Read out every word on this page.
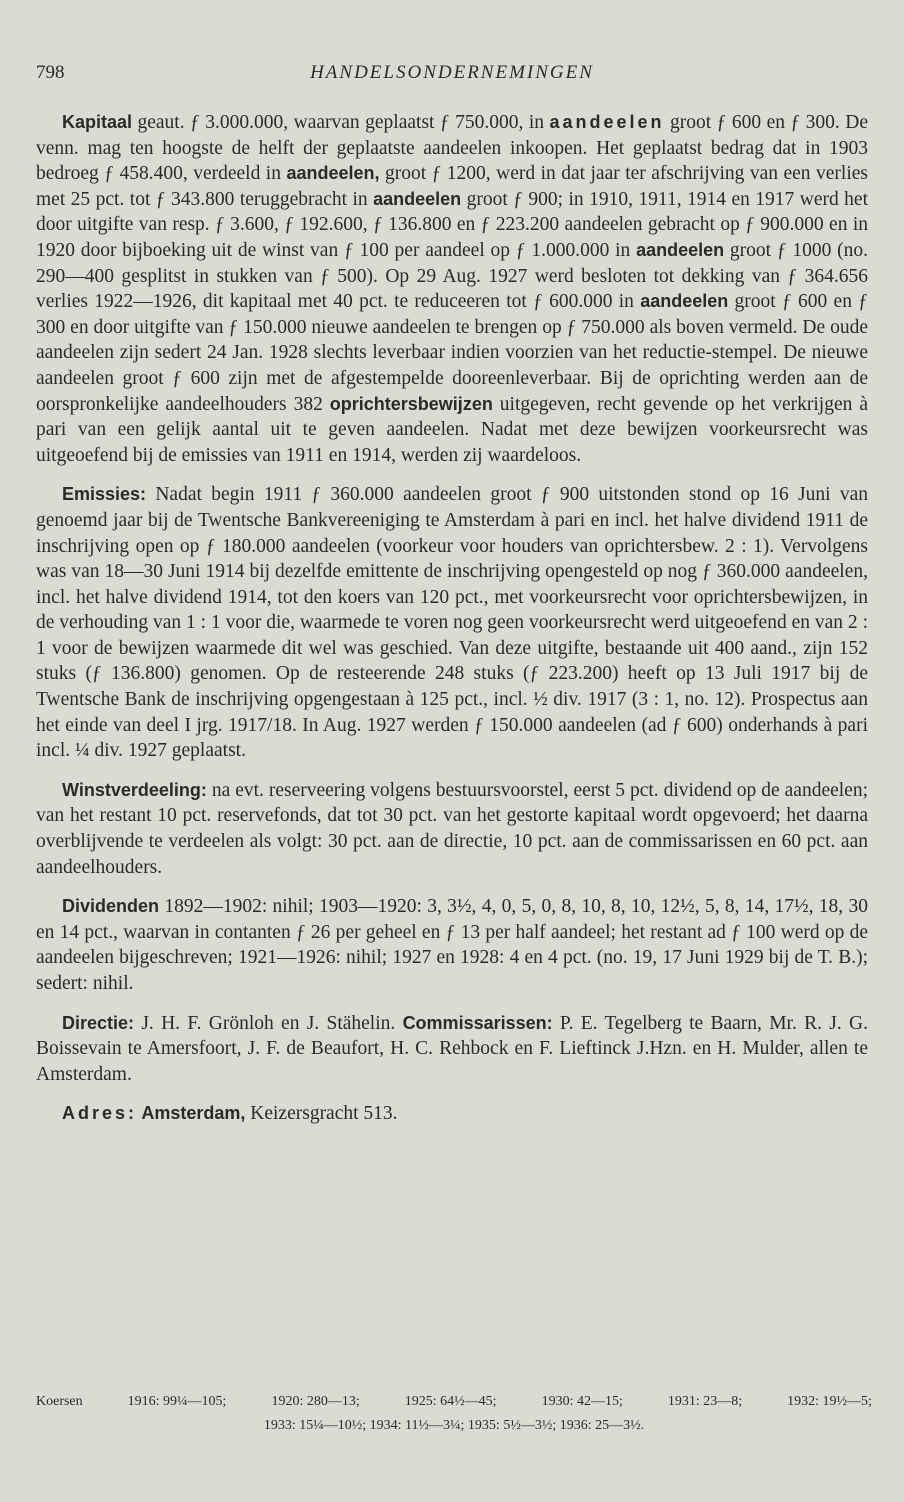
798	HANDELSONDERNEMINGEN

Kapitaal geaut. ƒ 3.000.000, waarvan geplaatst ƒ 750.000, in aandeelen groot ƒ 600 en ƒ 300. De venn. mag ten hoogste de helft der geplaatste aandeelen inkoopen. Het geplaatst bedrag dat in 1903 bedroeg ƒ 458.400, verdeeld in aandeelen, groot ƒ 1200, werd in dat jaar ter afschrijving van een verlies met 25 pct. tot ƒ 343.800 teruggebracht in aandeelen groot ƒ 900; in 1910, 1911, 1914 en 1917 werd het door uitgifte van resp. ƒ 3.600, ƒ 192.600, ƒ 136.800 en ƒ 223.200 aandeelen gebracht op ƒ 900.000 en in 1920 door bijboeking uit de winst van ƒ 100 per aandeel op ƒ 1.000.000 in aandeelen groot ƒ 1000 (no. 290—400 gesplitst in stukken van ƒ 500). Op 29 Aug. 1927 werd besloten tot dekking van ƒ 364.656 verlies 1922—1926, dit kapitaal met 40 pct. te reduceeren tot ƒ 600.000 in aandeelen groot ƒ 600 en ƒ 300 en door uitgifte van ƒ 150.000 nieuwe aandeelen te brengen op ƒ 750.000 als boven vermeld. De oude aandeelen zijn sedert 24 Jan. 1928 slechts leverbaar indien voorzien van het reductie-stempel. De nieuwe aandeelen groot ƒ 600 zijn met de afgestempelde dooreenleverbaar. Bij de oprichting werden aan de oorspronkelijke aandeelhouders 382 oprichtersbewijzen uitgegeven, recht gevende op het verkrijgen à pari van een gelijk aantal uit te geven aandeelen. Nadat met deze bewijzen voorkeursrecht was uitgeoefend bij de emissies van 1911 en 1914, werden zij waardeloos.

Emissies: Nadat begin 1911 ƒ 360.000 aandeelen groot ƒ 900 uitstonden stond op 16 Juni van genoemd jaar bij de Twentsche Bankvereeniging te Amsterdam à pari en incl. het halve dividend 1911 de inschrijving open op ƒ 180.000 aandeelen (voorkeur voor houders van oprichtersbew. 2 : 1). Vervolgens was van 18—30 Juni 1914 bij dezelfde emittente de inschrijving opengesteld op nog ƒ 360.000 aandeelen, incl. het halve dividend 1914, tot den koers van 120 pct., met voorkeursrecht voor oprichtersbewijzen, in de verhouding van 1 : 1 voor die, waarmede te voren nog geen voorkeursrecht werd uitgeoefend en van 2 : 1 voor de bewijzen waarmede dit wel was geschied. Van deze uitgifte, bestaande uit 400 aand., zijn 152 stuks (ƒ 136.800) genomen. Op de resteerende 248 stuks (ƒ 223.200) heeft op 13 Juli 1917 bij de Twentsche Bank de inschrijving opgengestaan à 125 pct., incl. ½ div. 1917 (3 : 1, no. 12). Prospectus aan het einde van deel I jrg. 1917/18. In Aug. 1927 werden ƒ 150.000 aandeelen (ad ƒ 600) onderhands à pari incl. ¼ div. 1927 geplaatst.

Winstverdeeling: na evt. reserveering volgens bestuursvoorstel, eerst 5 pct. dividend op de aandeelen; van het restant 10 pct. reservefonds, dat tot 30 pct. van het gestorte kapitaal wordt opgevoerd; het daarna overblijvende te verdeelen als volgt: 30 pct. aan de directie, 10 pct. aan de commissarissen en 60 pct. aan aandeelhouders.

Dividenden 1892—1902: nihil; 1903—1920: 3, 3½, 4, 0, 5, 0, 8, 10, 8, 10, 12½, 5, 8, 14, 17½, 18, 30 en 14 pct., waarvan in contanten ƒ 26 per geheel en ƒ 13 per half aandeel; het restant ad ƒ 100 werd op de aandeelen bijgeschreven; 1921—1926: nihil; 1927 en 1928: 4 en 4 pct. (no. 19, 17 Juni 1929 bij de T. B.); sedert: nihil.

Directie: J. H. F. Grönloh en J. Stähelin. Commissarissen: P. E. Tegelberg te Baarn, Mr. R. J. G. Boissevain te Amersfoort, J. F. de Beaufort, H. C. Rehbock en F. Lieftinck J.Hzn. en H. Mulder, allen te Amsterdam.

Adres: Amsterdam, Keizersgracht 513.

Koersen	1916: 99¼—105;	1920: 280—13;	1925: 64½—45;	1930: 42—15;	1931: 23—8;	1932: 19½—5;
1933: 15¼—10½; 1934: 11½—3¼; 1935: 5½—3½; 1936: 25—3½.
